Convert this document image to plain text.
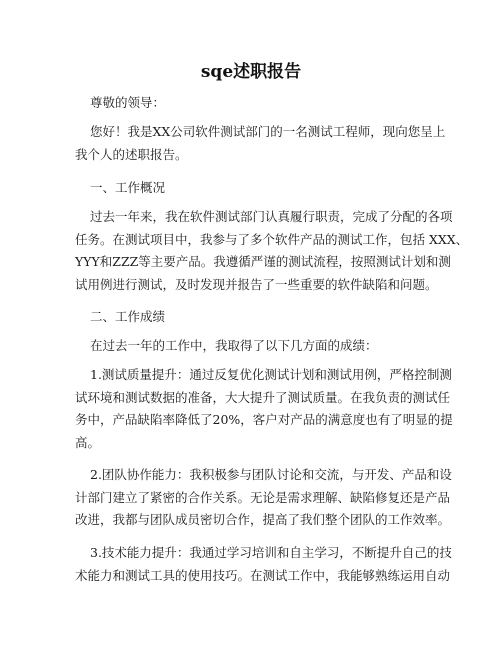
sqe述职报告
尊敬的领导：
您好！我是XX公司软件测试部门的一名测试工程师，现向您呈上
我个人的述职报告。
一、工作概况
过去一年来，我在软件测试部门认真履行职责，完成了分配的各项
任务。在测试项目中，我参与了多个软件产品的测试工作，包括 XXX、
YYY和ZZZ等主要产品。我遵循严谨的测试流程，按照测试计划和测
试用例进行测试，及时发现并报告了一些重要的软件缺陷和问题。
二、工作成绩
在过去一年的工作中，我取得了以下几方面的成绩：
1.测试质量提升：通过反复优化测试计划和测试用例，严格控制测
试环境和测试数据的准备，大大提升了测试质量。在我负责的测试任
务中，产品缺陷率降低了20%，客户对产品的满意度也有了明显的提
高。
2.团队协作能力：我积极参与团队讨论和交流，与开发、产品和设
计部门建立了紧密的合作关系。无论是需求理解、缺陷修复还是产品
改进，我都与团队成员密切合作，提高了我们整个团队的工作效率。
3.技术能力提升：我通过学习培训和自主学习，不断提升自己的技
术能力和测试工具的使用技巧。在测试工作中，我能够熟练运用自动
